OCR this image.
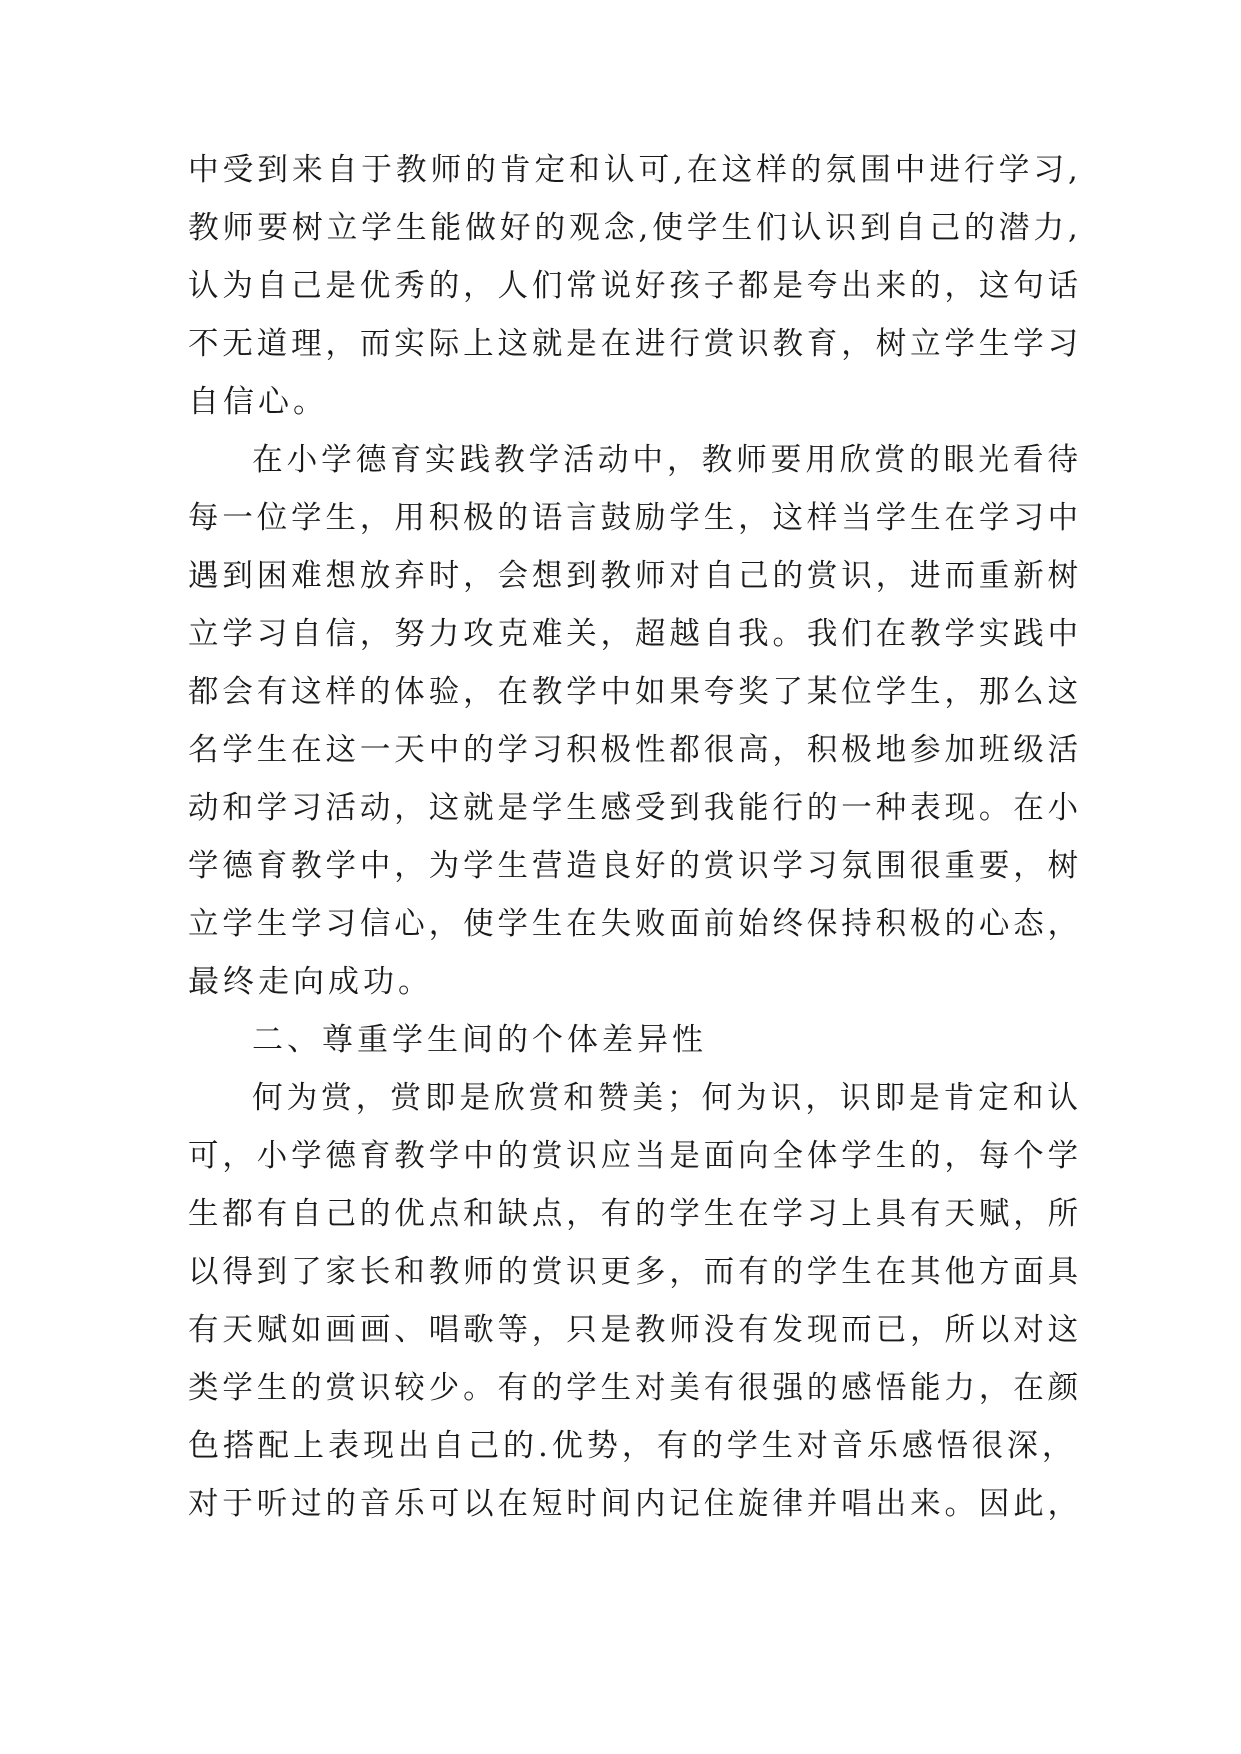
中受到来自于教师的肯定和认可,在这样的氛围中进行学习,
教师要树立学生能做好的观念,使学生们认识到自己的潜力,
认为自己是优秀的，人们常说好孩子都是夸出来的，这句话
不无道理，而实际上这就是在进行赏识教育，树立学生学习
自信心。
在小学德育实践教学活动中，教师要用欣赏的眼光看待
每一位学生，用积极的语言鼓励学生，这样当学生在学习中
遇到困难想放弃时，会想到教师对自己的赏识，进而重新树
立学习自信，努力攻克难关，超越自我。我们在教学实践中
都会有这样的体验，在教学中如果夸奖了某位学生，那么这
名学生在这一天中的学习积极性都很高，积极地参加班级活
动和学习活动，这就是学生感受到我能行的一种表现。在小
学德育教学中，为学生营造良好的赏识学习氛围很重要，树
立学生学习信心，使学生在失败面前始终保持积极的心态，
最终走向成功。
二、尊重学生间的个体差异性
何为赏，赏即是欣赏和赞美；何为识，识即是肯定和认
可，小学德育教学中的赏识应当是面向全体学生的，每个学
生都有自己的优点和缺点，有的学生在学习上具有天赋，所
以得到了家长和教师的赏识更多，而有的学生在其他方面具
有天赋如画画、唱歌等，只是教师没有发现而已，所以对这
类学生的赏识较少。有的学生对美有很强的感悟能力，在颜
色搭配上表现出自己的.优势，有的学生对音乐感悟很深，
对于听过的音乐可以在短时间内记住旋律并唱出来。因此，
